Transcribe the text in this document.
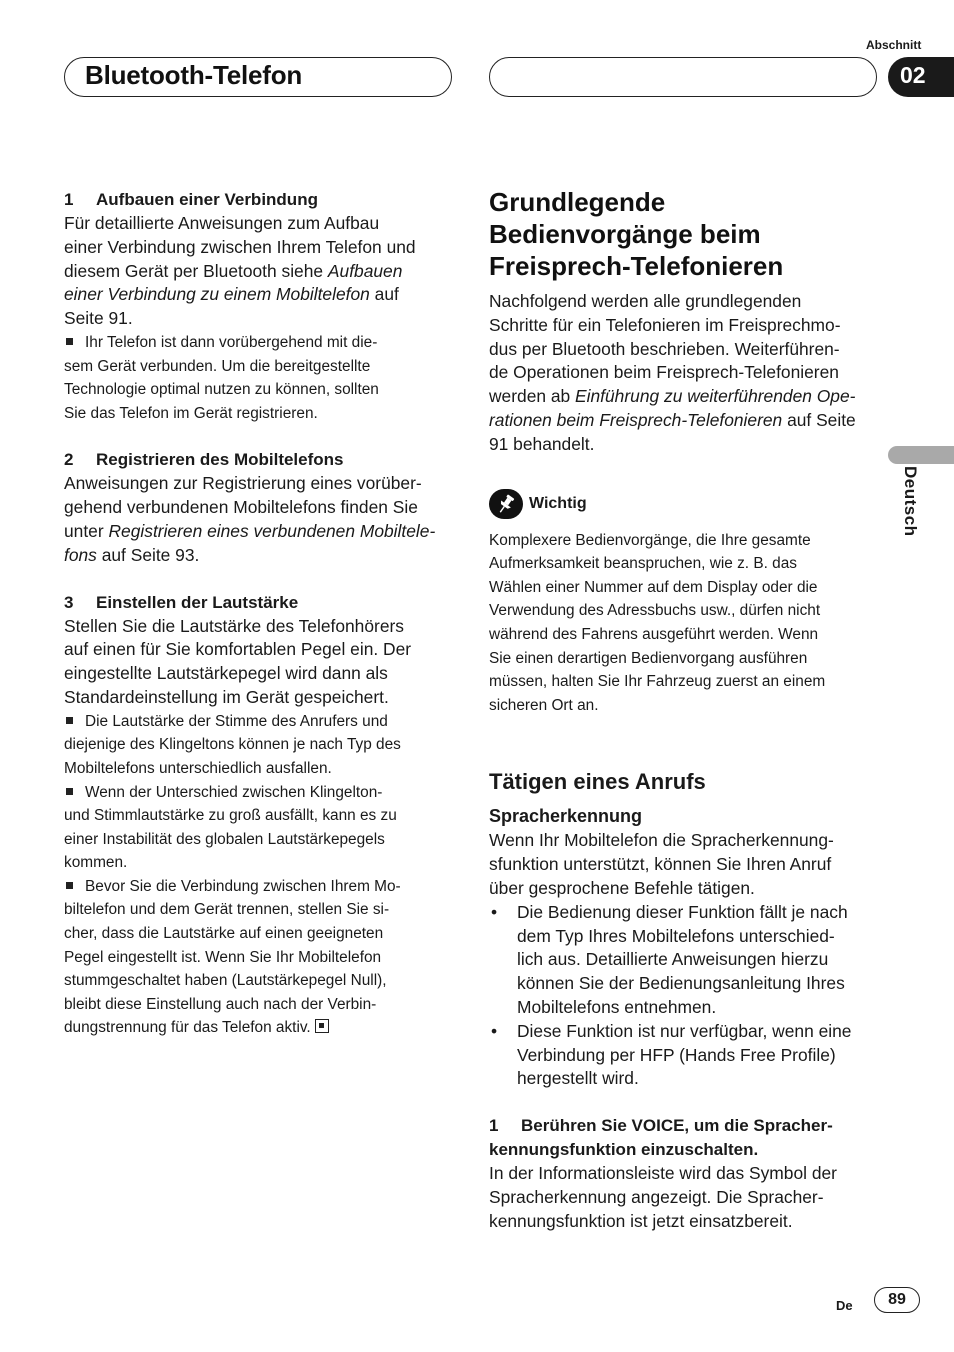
Abschnitt
Bluetooth-Telefon	02
Deutsch
1 Aufbauen einer Verbindung
Für detaillierte Anweisungen zum Aufbau
einer Verbindung zwischen Ihrem Telefon und
diesem Gerät per Bluetooth siehe Aufbauen
einer Verbindung zu einem Mobiltelefon auf
Seite 91.
Ihr Telefon ist dann vorübergehend mit die-
sem Gerät verbunden. Um die bereitgestellte
Technologie optimal nutzen zu können, sollten
Sie das Telefon im Gerät registrieren.
2 Registrieren des Mobiltelefons
Anweisungen zur Registrierung eines vorüber-
gehend verbundenen Mobiltelefons finden Sie
unter Registrieren eines verbundenen Mobiltele-
fons auf Seite 93.
3 Einstellen der Lautstärke
Stellen Sie die Lautstärke des Telefonhörers
auf einen für Sie komfortablen Pegel ein. Der
eingestellte Lautstärkepegel wird dann als
Standardeinstellung im Gerät gespeichert.
Die Lautstärke der Stimme des Anrufers und
diejenige des Klingeltons können je nach Typ des
Mobiltelefons unterschiedlich ausfallen.
Wenn der Unterschied zwischen Klingelton-
und Stimmlautstärke zu groß ausfällt, kann es zu
einer Instabilität des globalen Lautstärkepegels
kommen.
Bevor Sie die Verbindung zwischen Ihrem Mo-
biltelefon und dem Gerät trennen, stellen Sie si-
cher, dass die Lautstärke auf einen geeigneten
Pegel eingestellt ist. Wenn Sie Ihr Mobiltelefon
stummgeschaltet haben (Lautstärkepegel Null),
bleibt diese Einstellung auch nach der Verbin-
dungstrennung für das Telefon aktiv.
Grundlegende
Bedienvorgänge beim
Freisprech-Telefonieren
Nachfolgend werden alle grundlegenden
Schritte für ein Telefonieren im Freisprechmo-
dus per Bluetooth beschrieben. Weiterführen-
de Operationen beim Freisprech-Telefonieren
werden ab Einführung zu weiterführenden Ope-
rationen beim Freisprech-Telefonieren auf Seite
91 behandelt.
Wichtig
Komplexere Bedienvorgänge, die Ihre gesamte
Aufmerksamkeit beanspruchen, wie z. B. das
Wählen einer Nummer auf dem Display oder die
Verwendung des Adressbuchs usw., dürfen nicht
während des Fahrens ausgeführt werden. Wenn
Sie einen derartigen Bedienvorgang ausführen
müssen, halten Sie Ihr Fahrzeug zuerst an einem
sicheren Ort an.
Tätigen eines Anrufs
Spracherkennung
Wenn Ihr Mobiltelefon die Spracherkennung-
sfunktion unterstützt, können Sie Ihren Anruf
über gesprochene Befehle tätigen.
•	Die Bedienung dieser Funktion fällt je nach
dem Typ Ihres Mobiltelefons unterschied-
lich aus. Detaillierte Anweisungen hierzu
können Sie der Bedienungsanleitung Ihres
Mobiltelefons entnehmen.
•	Diese Funktion ist nur verfügbar, wenn eine
Verbindung per HFP (Hands Free Profile)
hergestellt wird.
1 Berühren Sie VOICE, um die Spracher-
kennungsfunktion einzuschalten.
In der Informationsleiste wird das Symbol der
Spracherkennung angezeigt. Die Spracher-
kennungsfunktion ist jetzt einsatzbereit.
De	89
